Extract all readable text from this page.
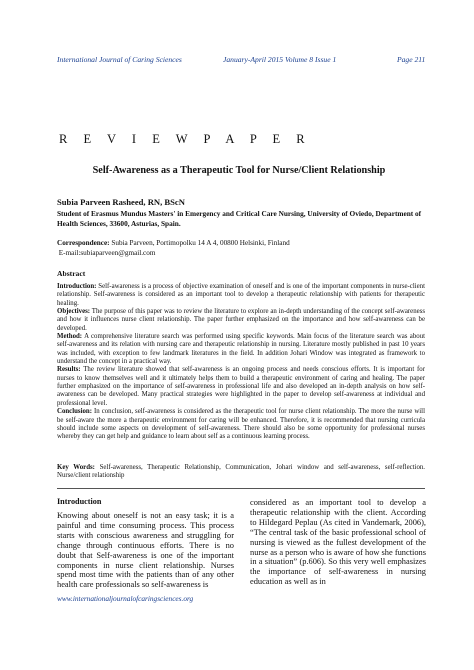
International Journal of Caring Sciences	January-April 2015 Volume 8 Issue 1	Page 211
R E V I E W P A P E R
Self-Awareness as a Therapeutic Tool for Nurse/Client Relationship
Subia Parveen Rasheed, RN, BScN
Student of Erasmus Mundus Masters' in Emergency and Critical Care Nursing, University of Oviedo, Department of Health Sciences, 33600, Asturias, Spain.
Correspondence: Subia Parveen, Portimopolku 14 A 4, 00800 Helsinki, Finland
E-mail:subiaparveen@gmail.com
Abstract

Introduction: Self-awareness is a process of objective examination of oneself and is one of the important components in nurse-client relationship. Self-awareness is considered as an important tool to develop a therapeutic relationship with patients for therapeutic healing.

Objectives: The purpose of this paper was to review the literature to explore an in-depth understanding of the concept self-awareness and how it influences nurse client relationship. The paper further emphasized on the importance and how self-awareness can be developed.

Method: A comprehensive literature search was performed using specific keywords. Main focus of the literature search was about self-awareness and its relation with nursing care and therapeutic relationship in nursing. Literature mostly published in past 10 years was included, with exception to few landmark literatures in the field. In addition Johari Window was integrated as framework to understand the concept in a practical way.

Results: The review literature showed that self-awareness is an ongoing process and needs conscious efforts. It is important for nurses to know themselves well and it ultimately helps them to build a therapeutic environment of caring and healing. The paper further emphasized on the importance of self-awareness in professional life and also developed an in-depth analysis on how self-awareness can be developed. Many practical strategies were highlighted in the paper to develop self-awareness at individual and professional level.

Conclusion: In conclusion, self-awareness is considered as the therapeutic tool for nurse client relationship. The more the nurse will be self-aware the more a therapeutic environment for caring will be enhanced. Therefore, it is recommended that nursing curricula should include some aspects on development of self-awareness. There should also be some opportunity for professional nurses whereby they can get help and guidance to learn about self as a continuous learning process.

Key Words: Self-awareness, Therapeutic Relationship, Communication, Johari window and self-awareness, self-reflection. Nurse/client relationship
Introduction
Knowing about oneself is not an easy task; it is a painful and time consuming process. This process starts with conscious awareness and struggling for change through continuous efforts. There is no doubt that Self-awareness is one of the important components in nurse client relationship. Nurses spend most time with the patients than of any other health care professionals so self-awareness is
considered as an important tool to develop a therapeutic relationship with the client. According to Hildegard Peplau (As cited in Vandemark, 2006), “The central task of the basic professional school of nursing is viewed as the fullest development of the nurse as a person who is aware of how she functions in a situation” (p.606). So this very well emphasizes the importance of self-awareness in nursing education as well as in
www.internationaljournalofcaringsciences.org
